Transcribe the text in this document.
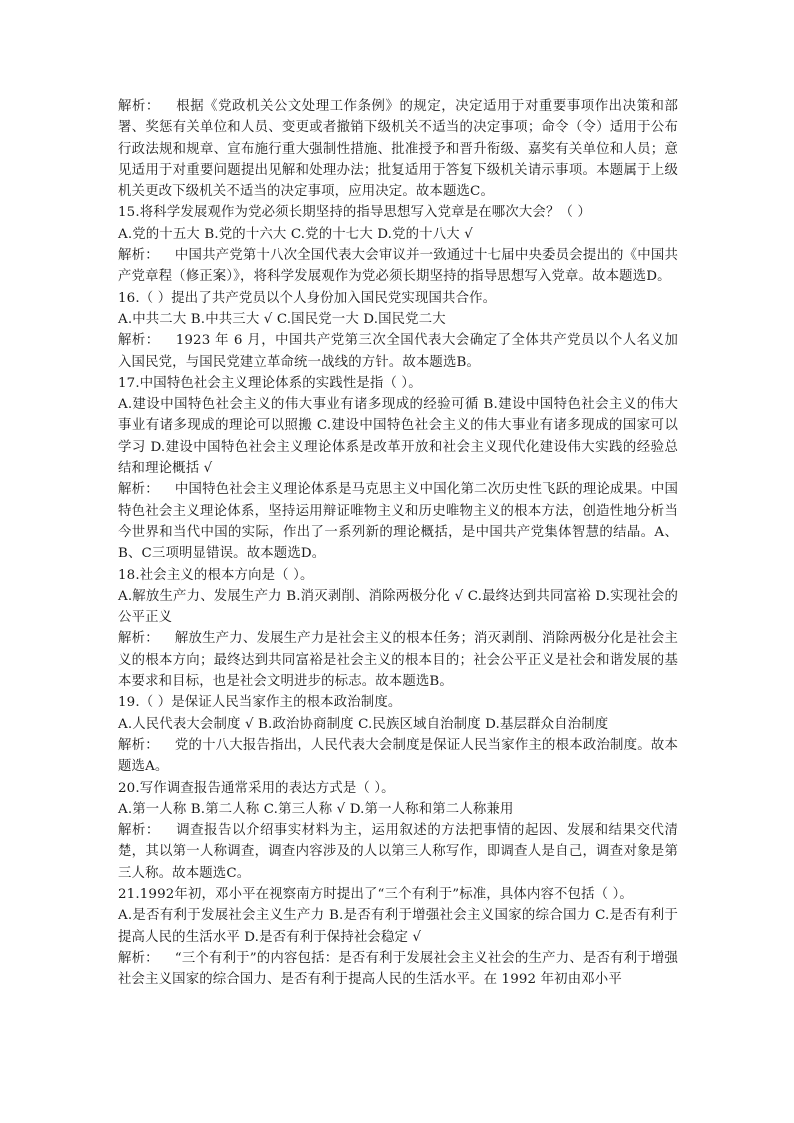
解析： 根据《党政机关公文处理工作条例》的规定，决定适用于对重要事项作出决策和部署、奖惩有关单位和人员、变更或者撤销下级机关不适当的决定事项；命令（令）适用于公布行政法规和规章、宣布施行重大强制性措施、批准授予和晋升衔级、嘉奖有关单位和人员；意见适用于对重要问题提出见解和处理办法；批复适用于答复下级机关请示事项。本题属于上级机关更改下级机关不适当的决定事项，应用决定。故本题选C。

15.将科学发展观作为党必须长期坚持的指导思想写入党章是在哪次大会？（ ）

A.党的十五大 B.党的十六大 C.党的十七大 D.党的十八大 √

解析： 中国共产党第十八次全国代表大会审议并一致通过十七届中央委员会提出的《中国共产党章程（修正案）》，将科学发展观作为党必须长期坚持的指导思想写入党章。故本题选D。

16.（ ）提出了共产党员以个人身份加入国民党实现国共合作。

A.中共二大 B.中共三大 √ C.国民党一大 D.国民党二大

解析： 1923 年 6 月，中国共产党第三次全国代表大会确定了全体共产党员以个人名义加入国民党，与国民党建立革命统一战线的方针。故本题选B。

17.中国特色社会主义理论体系的实践性是指（ ）。

A.建设中国特色社会主义的伟大事业有诸多现成的经验可循 B.建设中国特色社会主义的伟大事业有诸多现成的理论可以照搬 C.建设中国特色社会主义的伟大事业有诸多现成的国家可以学习 D.建设中国特色社会主义理论体系是改革开放和社会主义现代化建设伟大实践的经验总结和理论概括 √

解析： 中国特色社会主义理论体系是马克思主义中国化第二次历史性飞跃的理论成果。中国特色社会主义理论体系，坚持运用辩证唯物主义和历史唯物主义的根本方法，创造性地分析当今世界和当代中国的实际，作出了一系列新的理论概括，是中国共产党集体智慧的结晶。A、B、C三项明显错误。故本题选D。

18.社会主义的根本方向是（ ）。

A.解放生产力、发展生产力 B.消灭剥削、消除两极分化 √ C.最终达到共同富裕 D.实现社会的公平正义

解析： 解放生产力、发展生产力是社会主义的根本任务；消灭剥削、消除两极分化是社会主义的根本方向；最终达到共同富裕是社会主义的根本目的；社会公平正义是社会和谐发展的基本要求和目标，也是社会文明进步的标志。故本题选B。

19.（ ）是保证人民当家作主的根本政治制度。

A.人民代表大会制度 √ B.政治协商制度 C.民族区域自治制度 D.基层群众自治制度

解析： 党的十八大报告指出，人民代表大会制度是保证人民当家作主的根本政治制度。故本题选A。

20.写作调查报告通常采用的表达方式是（ ）。

A.第一人称 B.第二人称 C.第三人称 √ D.第一人称和第二人称兼用

解析： 调查报告以介绍事实材料为主，运用叙述的方法把事情的起因、发展和结果交代清楚，其以第一人称调查，调查内容涉及的人以第三人称写作，即调查人是自己，调查对象是第三人称。故本题选C。

21.1992年初，邓小平在视察南方时提出了“三个有利于”标准，具体内容不包括（ ）。

A.是否有利于发展社会主义生产力 B.是否有利于增强社会主义国家的综合国力 C.是否有利于提高人民的生活水平 D.是否有利于保持社会稳定 √

解析： “三个有利于”的内容包括：是否有利于发展社会主义社会的生产力、是否有利于增强社会主义国家的综合国力、是否有利于提高人民的生活水平。在 1992 年初由邓小平
